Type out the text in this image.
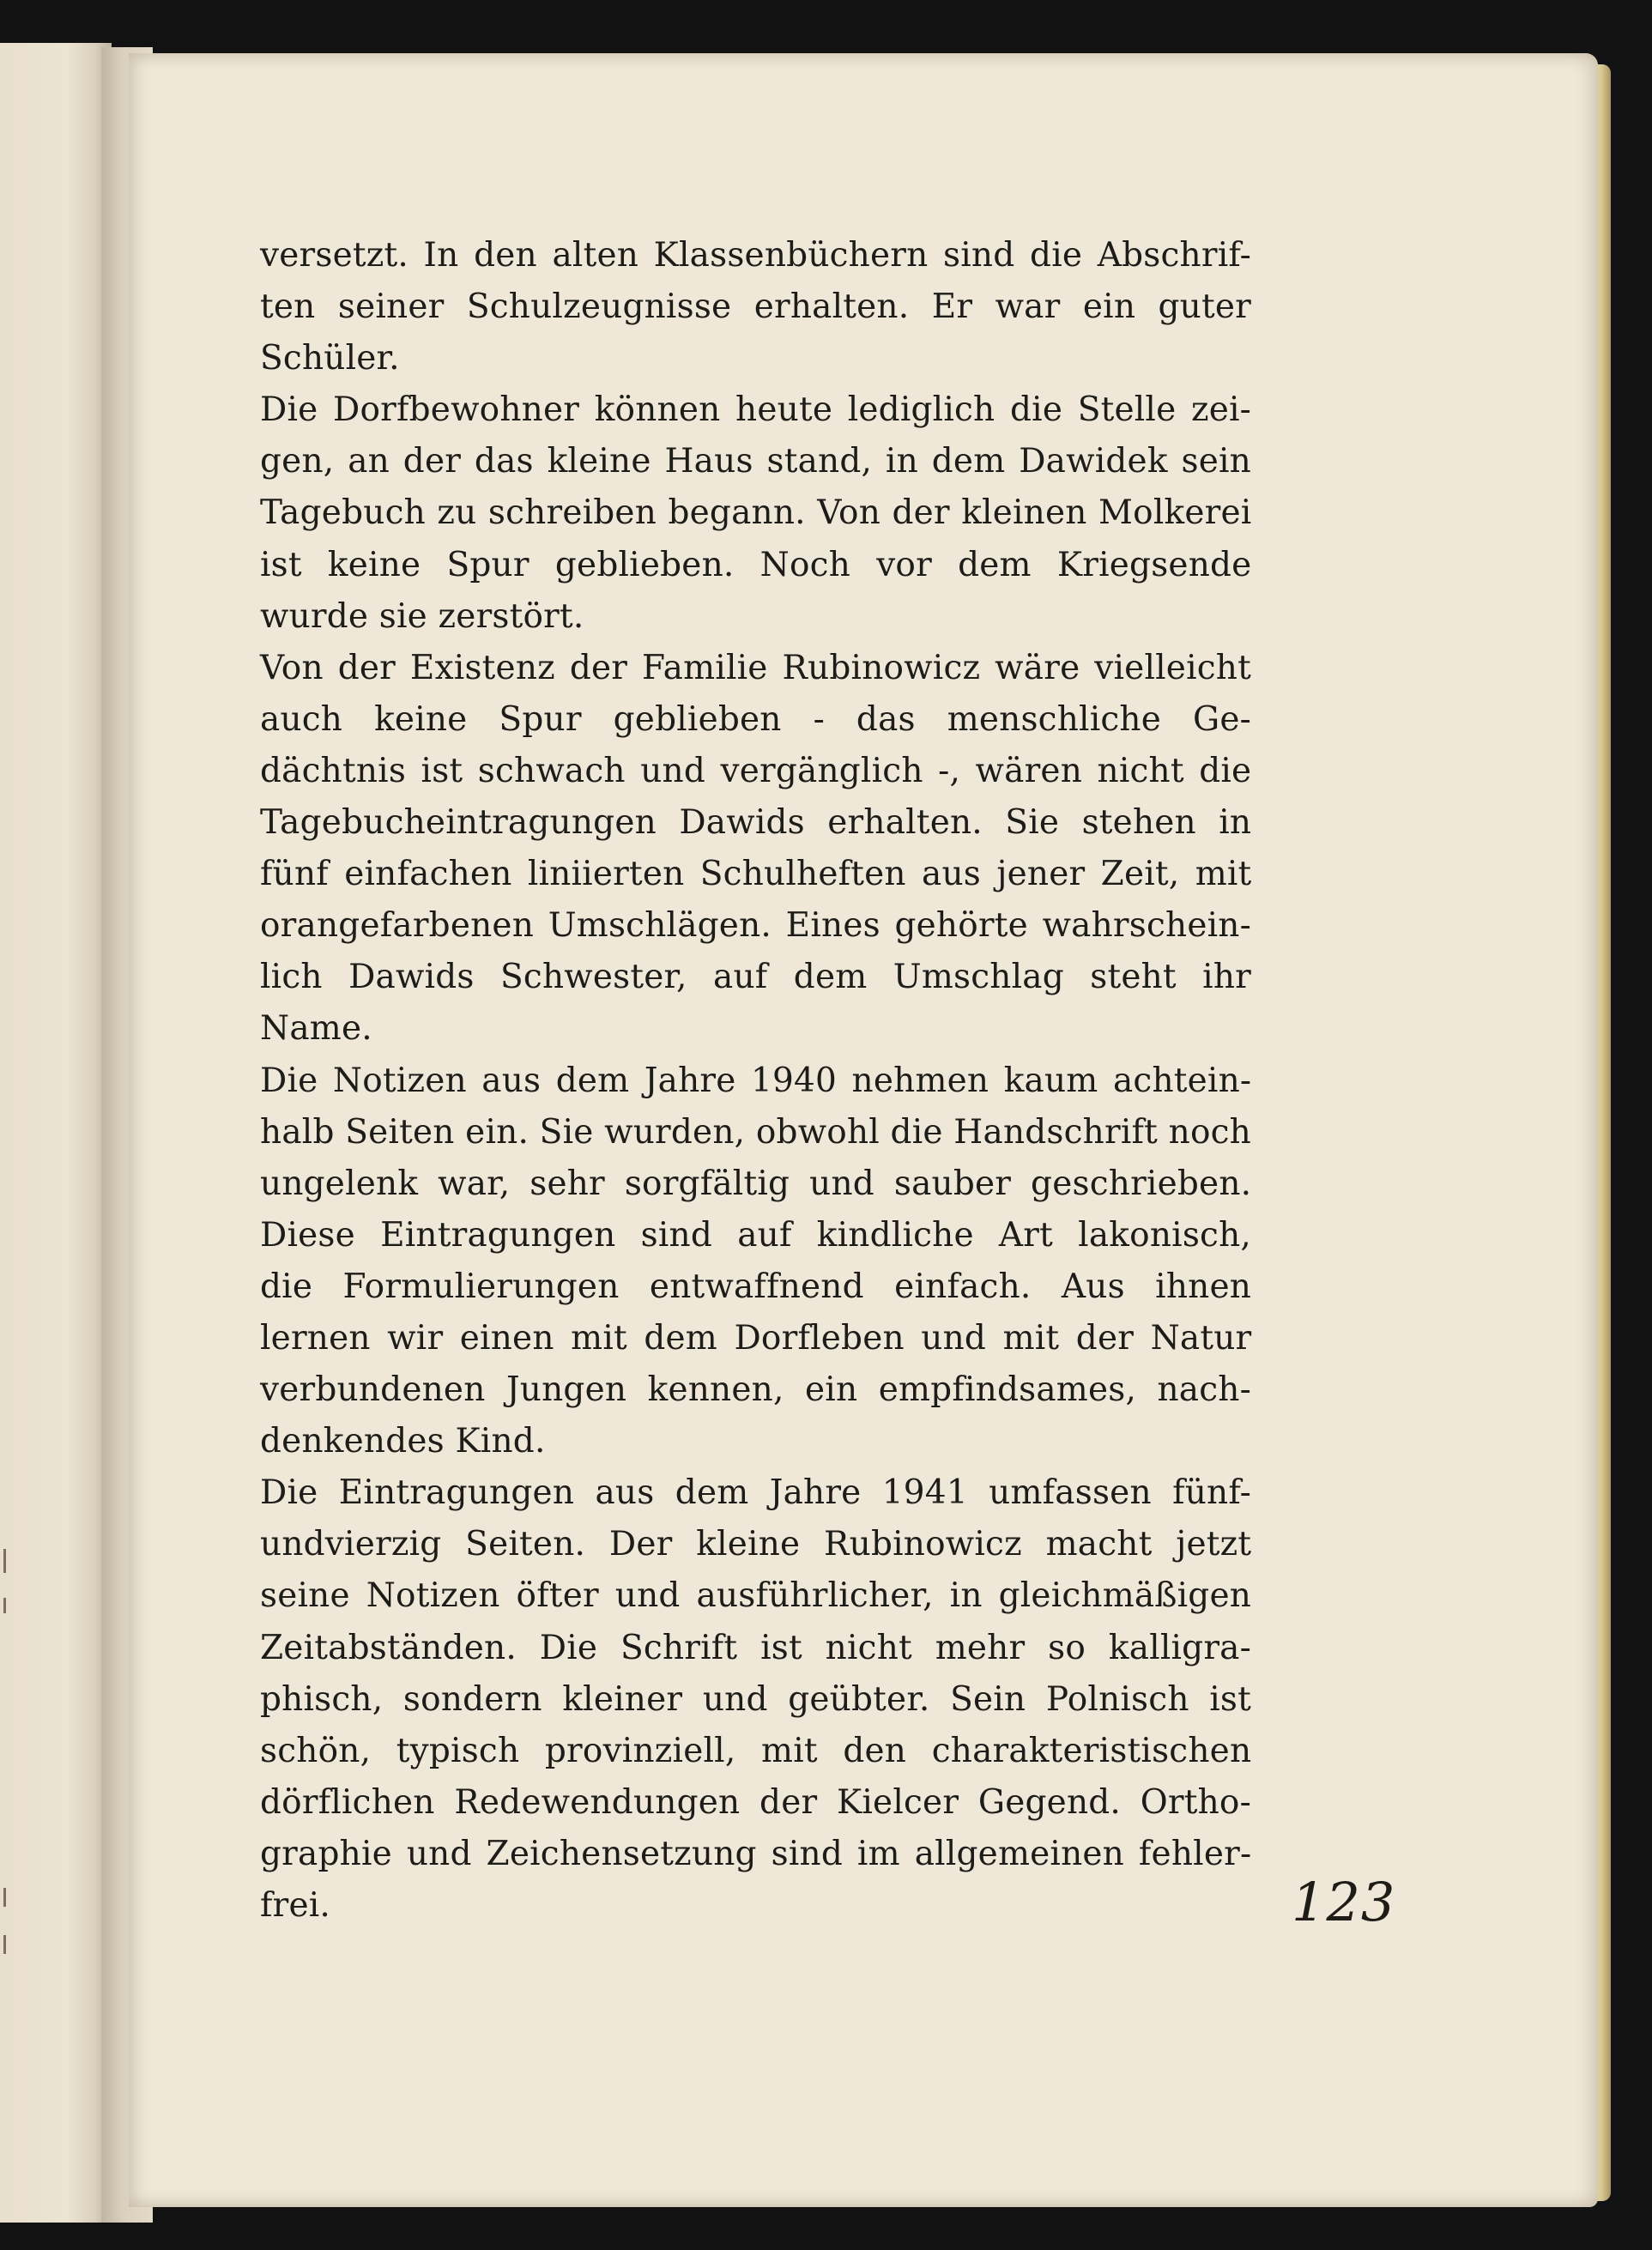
versetzt. In den alten Klassenbüchern sind die Abschrif-
ten seiner Schulzeugnisse erhalten. Er war ein guter
Schüler.
Die Dorfbewohner können heute lediglich die Stelle zei-
gen, an der das kleine Haus stand, in dem Dawidek sein
Tagebuch zu schreiben begann. Von der kleinen Molkerei
ist keine Spur geblieben. Noch vor dem Kriegsende
wurde sie zerstört.
Von der Existenz der Familie Rubinowicz wäre vielleicht
auch keine Spur geblieben - das menschliche Ge-
dächtnis ist schwach und vergänglich -, wären nicht die
Tagebucheintragungen Dawids erhalten. Sie stehen in
fünf einfachen liniierten Schulheften aus jener Zeit, mit
orangefarbenen Umschlägen. Eines gehörte wahrschein-
lich Dawids Schwester, auf dem Umschlag steht ihr
Name.
Die Notizen aus dem Jahre 1940 nehmen kaum achtein-
halb Seiten ein. Sie wurden, obwohl die Handschrift noch
ungelenk war, sehr sorgfältig und sauber geschrieben.
Diese Eintragungen sind auf kindliche Art lakonisch,
die Formulierungen entwaffnend einfach. Aus ihnen
lernen wir einen mit dem Dorfleben und mit der Natur
verbundenen Jungen kennen, ein empfindsames, nach-
denkendes Kind.
Die Eintragungen aus dem Jahre 1941 umfassen fünf-
undvierzig Seiten. Der kleine Rubinowicz macht jetzt
seine Notizen öfter und ausführlicher, in gleichmäßigen
Zeitabständen. Die Schrift ist nicht mehr so kalligra-
phisch, sondern kleiner und geübter. Sein Polnisch ist
schön, typisch provinziell, mit den charakteristischen
dörflichen Redewendungen der Kielcer Gegend. Ortho-
graphie und Zeichensetzung sind im allgemeinen fehler-
frei.	123
